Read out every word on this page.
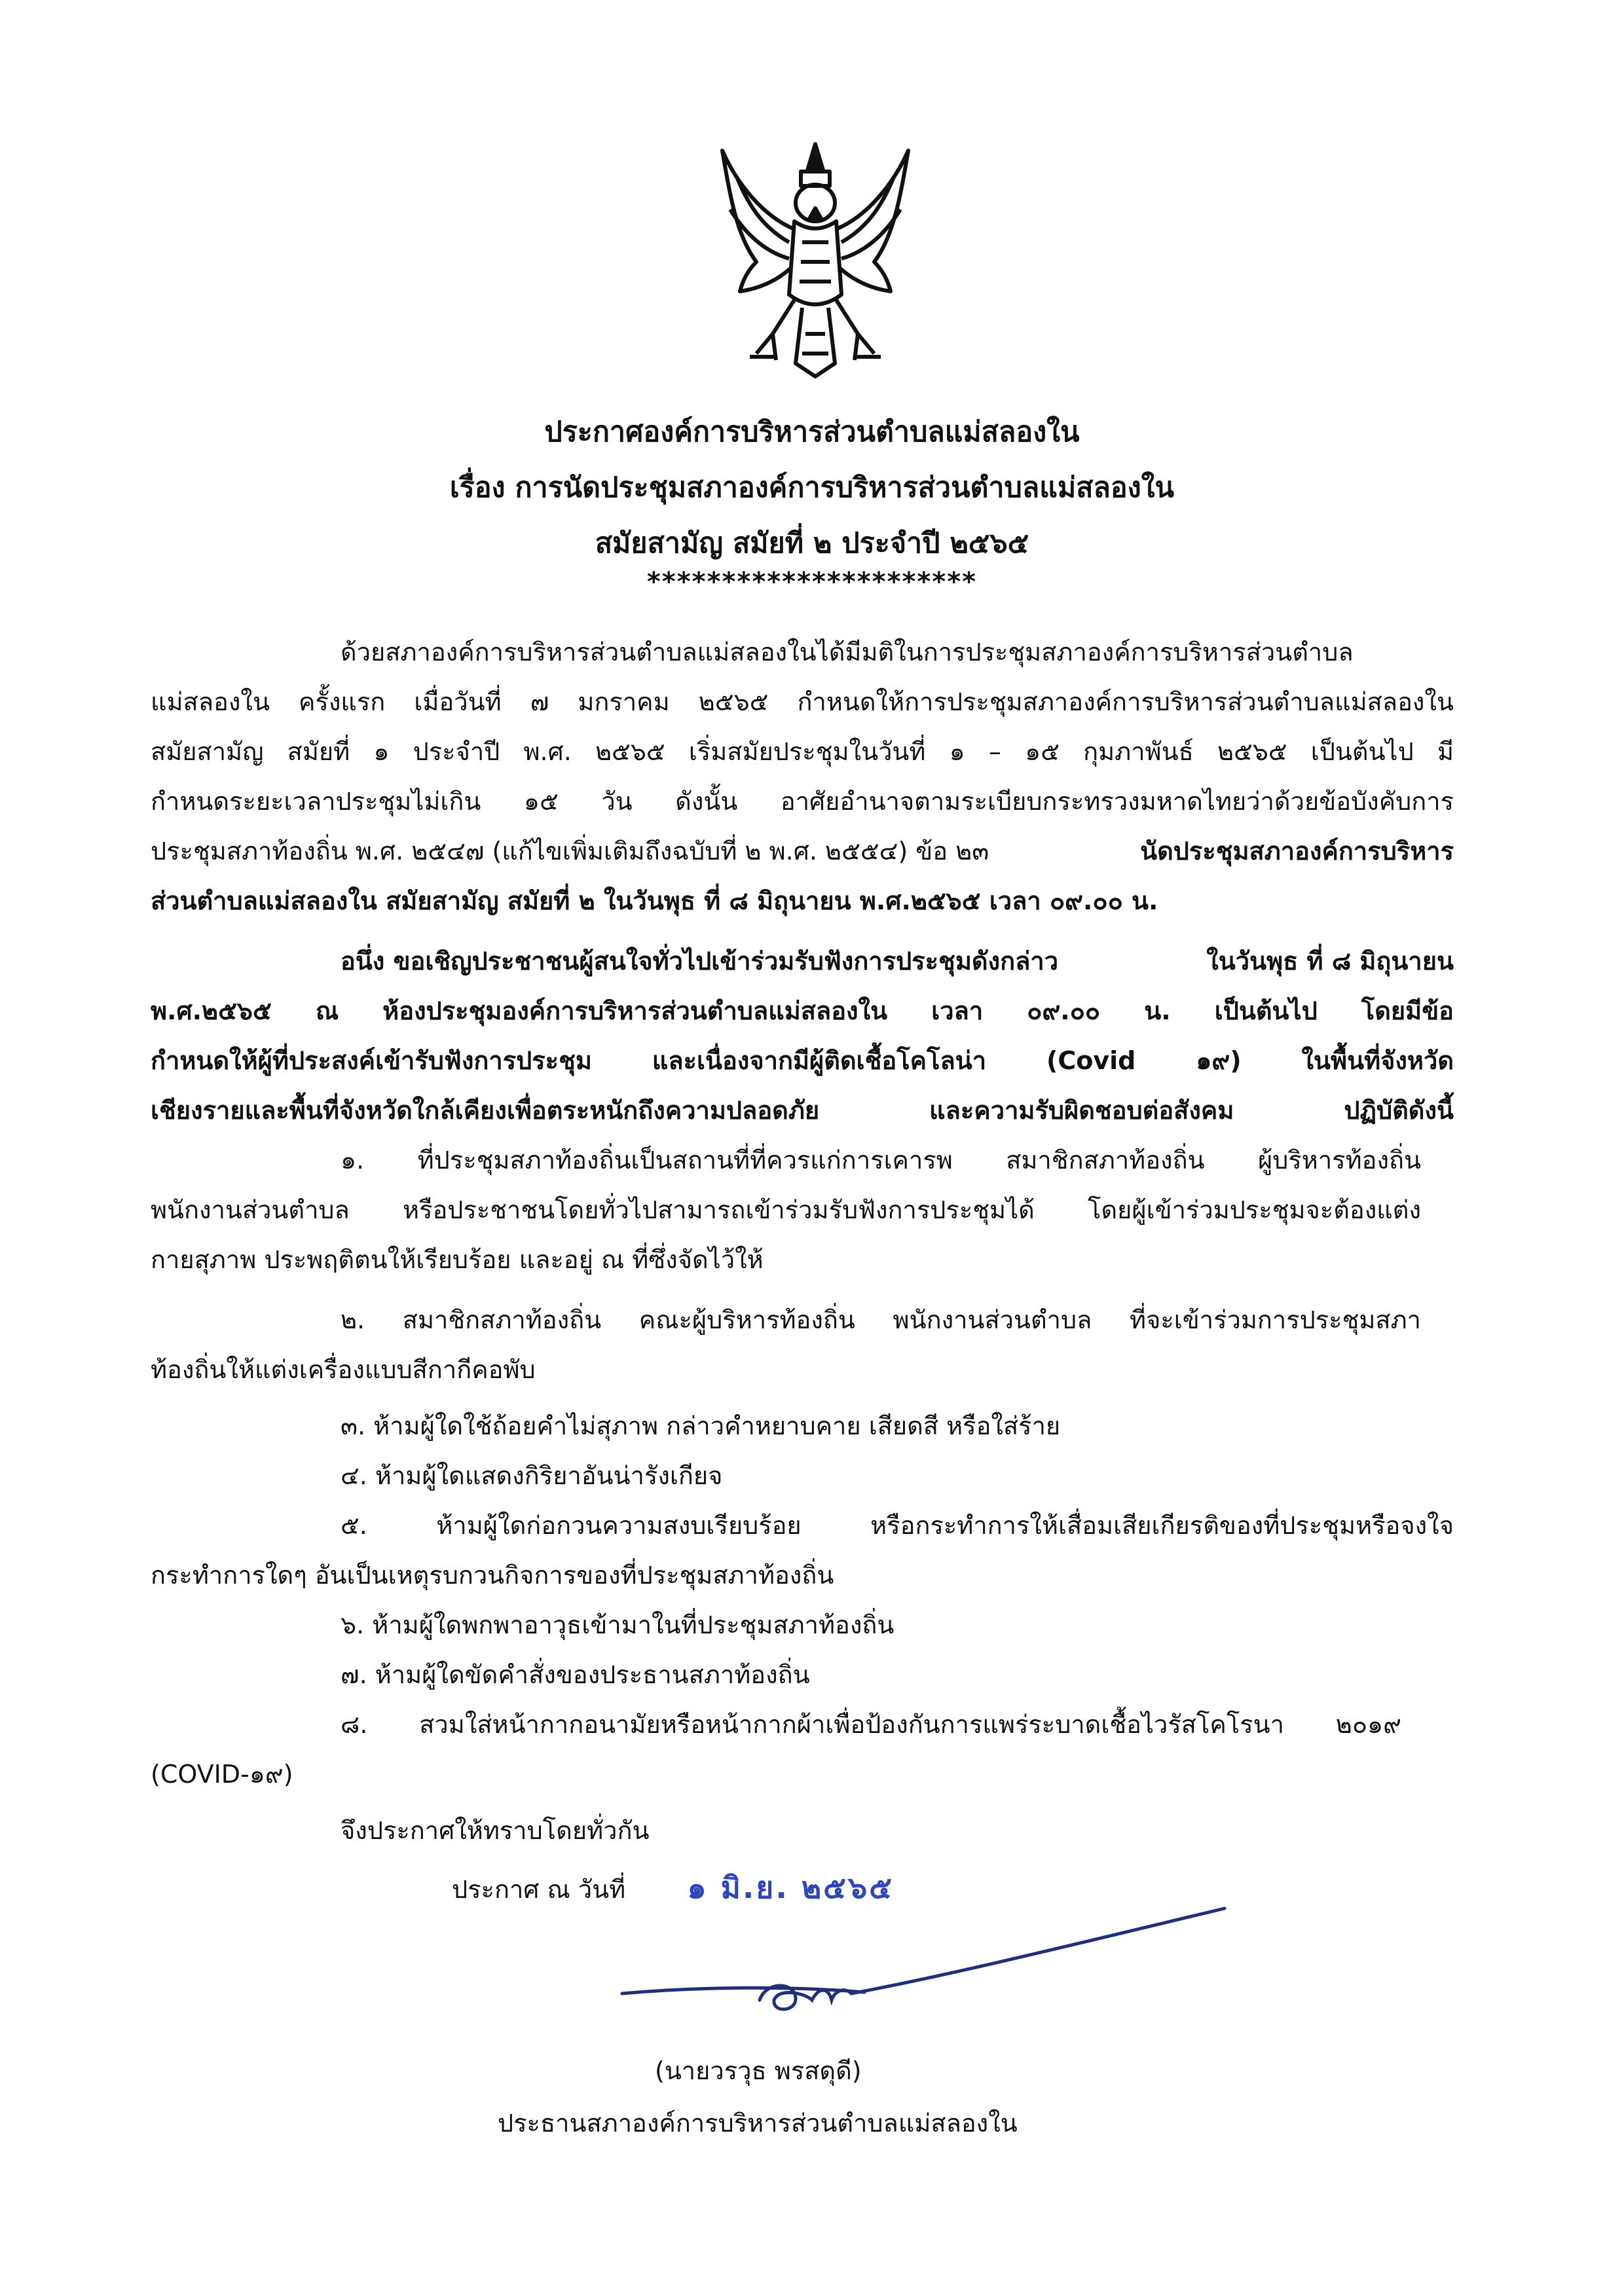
ประกาศองค์การบริหารส่วนตำบลแม่สลองใน
เรื่อง การนัดประชุมสภาองค์การบริหารส่วนตำบลแม่สลองใน
สมัยสามัญ สมัยที่ ๒ ประจำปี ๒๕๖๕
**********************
ด้วยสภาองค์การบริหารส่วนตำบลแม่สลองในได้มีมติในการประชุมสภาองค์การบริหารส่วนตำบล
แม่สลองใน ครั้งแรก เมื่อวันที่ ๗ มกราคม ๒๕๖๕ กำหนดให้การประชุมสภาองค์การบริหารส่วนตำบลแม่สลองใน
สมัยสามัญ สมัยที่ ๑ ประจำปี พ.ศ. ๒๕๖๕ เริ่มสมัยประชุมในวันที่ ๑ – ๑๕ กุมภาพันธ์ ๒๕๖๕ เป็นต้นไป มี
กำหนดระยะเวลาประชุมไม่เกิน ๑๕ วัน ดังนั้น อาศัยอำนาจตามระเบียบกระทรวงมหาดไทยว่าด้วยข้อบังคับการ
ประชุมสภาท้องถิ่น พ.ศ. ๒๕๔๗ (แก้ไขเพิ่มเติมถึงฉบับที่ ๒ พ.ศ. ๒๕๕๔) ข้อ ๒๓	นัดประชุมสภาองค์การบริหาร
ส่วนตำบลแม่สลองใน สมัยสามัญ สมัยที่ ๒ ในวันพุธ ที่ ๘ มิถุนายน พ.ศ.๒๕๖๕ เวลา ๐๙.๐๐ น.
อนึ่ง ขอเชิญประชาชนผู้สนใจทั่วไปเข้าร่วมรับฟังการประชุมดังกล่าว	ในวันพุธ ที่ ๘ มิถุนายน
พ.ศ.๒๕๖๕ ณ ห้องประชุมองค์การบริหารส่วนตำบลแม่สลองใน เวลา ๐๙.๐๐ น. เป็นต้นไป โดยมีข้อ
กำหนดให้ผู้ที่ประสงค์เข้ารับฟังการประชุม และเนื่องจากมีผู้ติดเชื้อโคโลน่า (Covid ๑๙) ในพื้นที่จังหวัด
เชียงรายและพื้นที่จังหวัดใกล้เคียงเพื่อตระหนักถึงความปลอดภัย และความรับผิดชอบต่อสังคม ปฏิบัติดังนี้
๑. ที่ประชุมสภาท้องถิ่นเป็นสถานที่ที่ควรแก่การเคารพ สมาชิกสภาท้องถิ่น ผู้บริหารท้องถิ่น
พนักงานส่วนตำบล หรือประชาชนโดยทั่วไปสามารถเข้าร่วมรับฟังการประชุมได้ โดยผู้เข้าร่วมประชุมจะต้องแต่ง
กายสุภาพ ประพฤติตนให้เรียบร้อย และอยู่ ณ ที่ซึ่งจัดไว้ให้
๒. สมาชิกสภาท้องถิ่น คณะผู้บริหารท้องถิ่น พนักงานส่วนตำบล ที่จะเข้าร่วมการประชุมสภา
ท้องถิ่นให้แต่งเครื่องแบบสีกากีคอพับ
๓. ห้ามผู้ใดใช้ถ้อยคำไม่สุภาพ กล่าวคำหยาบคาย เสียดสี หรือใส่ร้าย
๔. ห้ามผู้ใดแสดงกิริยาอันน่ารังเกียจ
๕. ห้ามผู้ใดก่อกวนความสงบเรียบร้อย หรือกระทำการให้เสื่อมเสียเกียรติของที่ประชุมหรือจงใจ
กระทำการใดๆ อันเป็นเหตุรบกวนกิจการของที่ประชุมสภาท้องถิ่น
๖. ห้ามผู้ใดพกพาอาวุธเข้ามาในที่ประชุมสภาท้องถิ่น
๗. ห้ามผู้ใดขัดคำสั่งของประธานสภาท้องถิ่น
๘. สวมใส่หน้ากากอนามัยหรือหน้ากากผ้าเพื่อป้องกันการแพร่ระบาดเชื้อไวรัสโคโรนา ๒๐๑๙
(COVID-๑๙)
จึงประกาศให้ทราบโดยทั่วกัน
ประกาศ ณ วันที่ ๑ มิ.ย. ๒๕๖๕
(นายวรวุธ พรสดุดี)
ประธานสภาองค์การบริหารส่วนตำบลแม่สลองใน
